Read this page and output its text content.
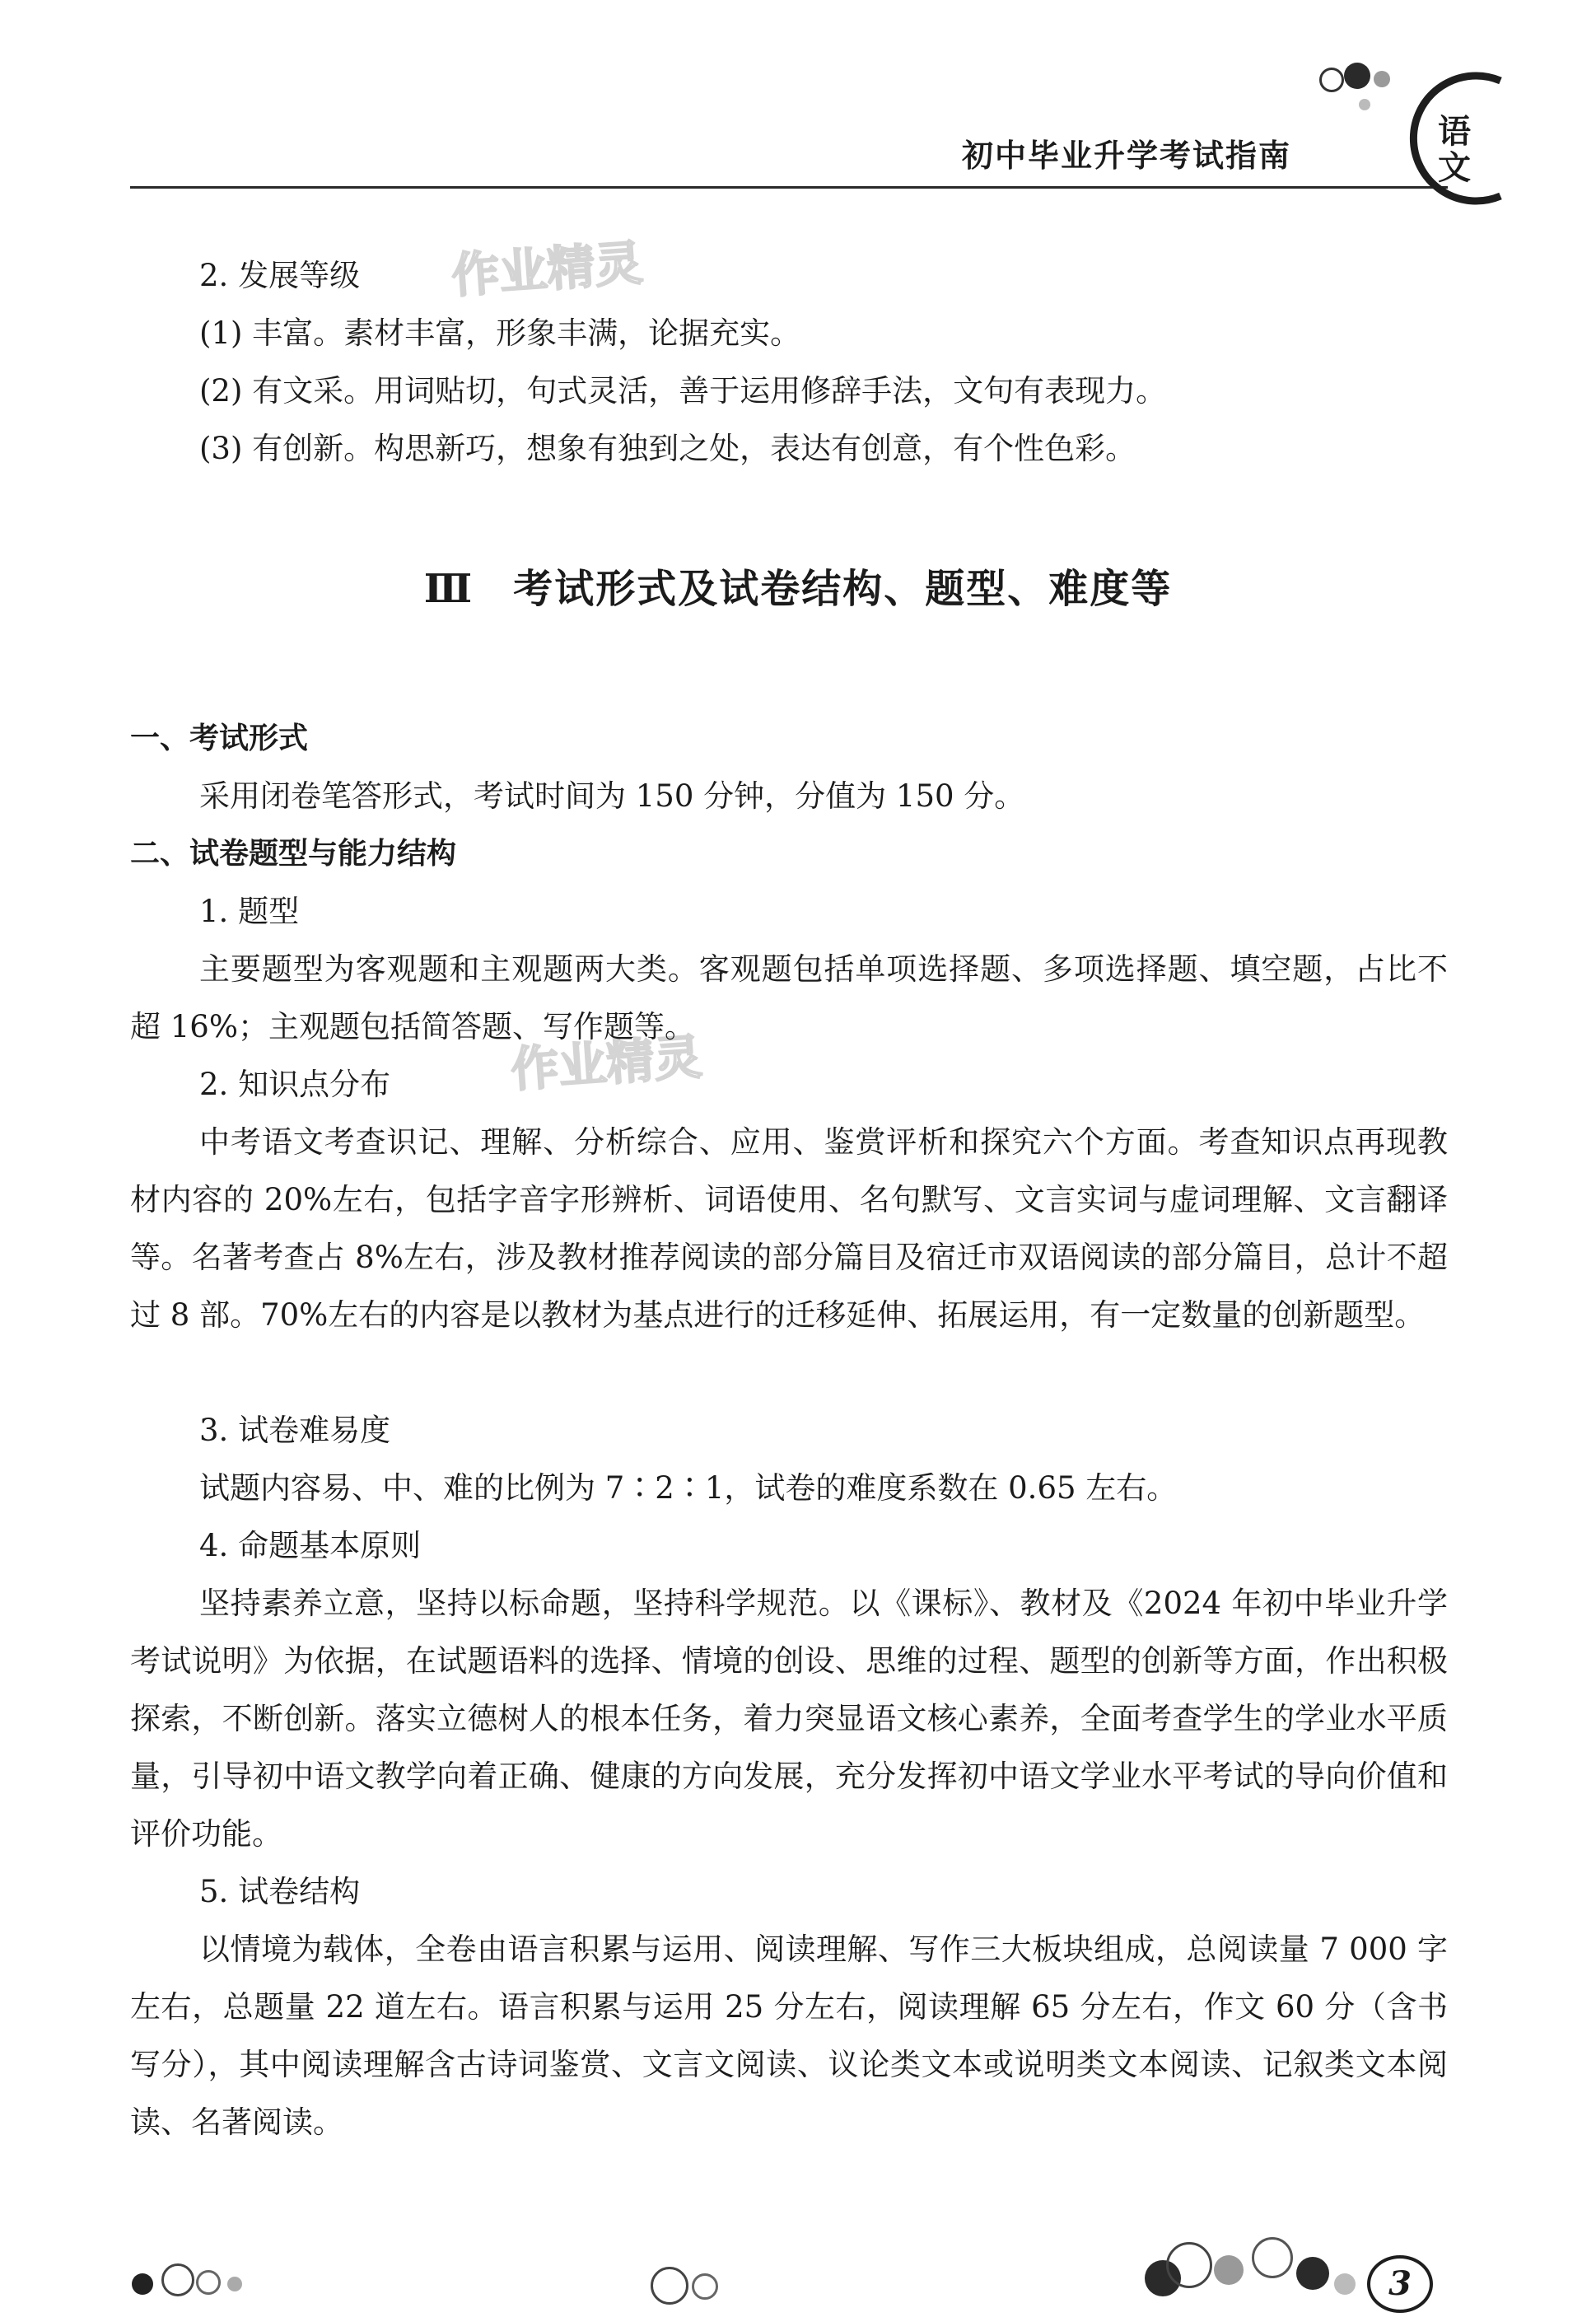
初中毕业升学考试指南
语
文
作业精灵
作业精灵
2. 发展等级
(1) 丰富。素材丰富，形象丰满，论据充实。
(2) 有文采。用词贴切，句式灵活，善于运用修辞手法，文句有表现力。
(3) 有创新。构思新巧，想象有独到之处，表达有创意，有个性色彩。
Ⅲ 考试形式及试卷结构、题型、难度等
一、考试形式
采用闭卷笔答形式，考试时间为 150 分钟，分值为 150 分。
二、试卷题型与能力结构
1. 题型

主要题型为客观题和主观题两大类。客观题包括单项选择题、多项选择题、填空题，占比不超 16%；主观题包括简答题、写作题等。

2. 知识点分布

中考语文考查识记、理解、分析综合、应用、鉴赏评析和探究六个方面。考查知识点再现教材内容的 20%左右，包括字音字形辨析、词语使用、名句默写、文言实词与虚词理解、文言翻译等。名著考查占 8%左右，涉及教材推荐阅读的部分篇目及宿迁市双语阅读的部分篇目，总计不超过 8 部。70%左右的内容是以教材为基点进行的迁移延伸、拓展运用，有一定数量的创新题型。

3. 试卷难易度
试题内容易、中、难的比例为 7∶2∶1，试卷的难度系数在 0.65 左右。
4. 命题基本原则

坚持素养立意，坚持以标命题，坚持科学规范。以《课标》、教材及《2024 年初中毕业升学考试说明》为依据，在试题语料的选择、情境的创设、思维的过程、题型的创新等方面，作出积极探索，不断创新。落实立德树人的根本任务，着力突显语文核心素养，全面考查学生的学业水平质量，引导初中语文教学向着正确、健康的方向发展，充分发挥初中语文学业水平考试的导向价值和评价功能。

5. 试卷结构

以情境为载体，全卷由语言积累与运用、阅读理解、写作三大板块组成，总阅读量 7 000 字左右，总题量 22 道左右。语言积累与运用 25 分左右，阅读理解 65 分左右，作文 60 分（含书写分），其中阅读理解含古诗词鉴赏、文言文阅读、议论类文本或说明类文本阅读、记叙类文本阅读、名著阅读。

3
